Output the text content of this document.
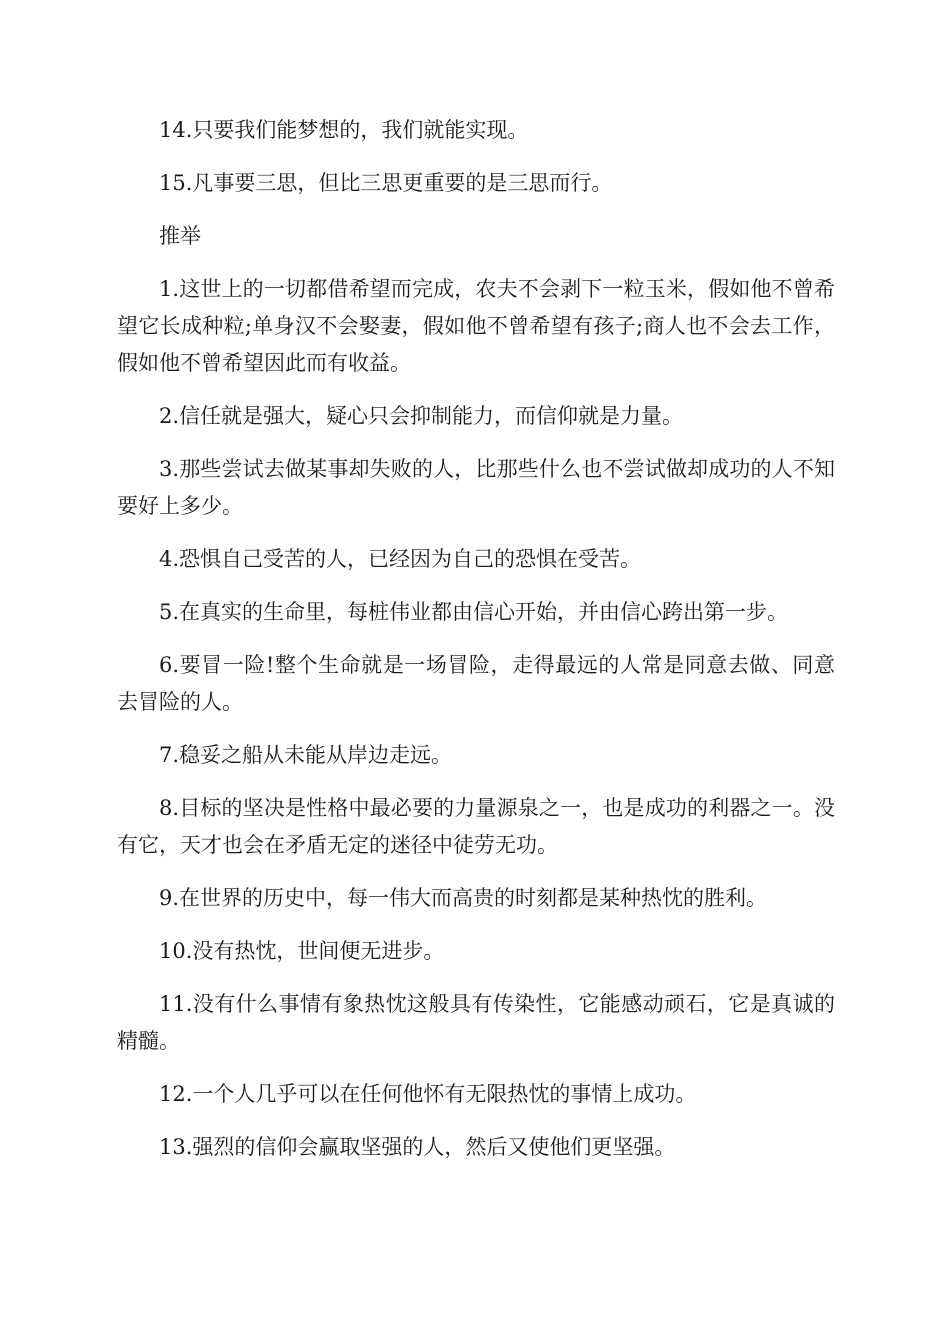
14.只要我们能梦想的，我们就能实现。

15.凡事要三思，但比三思更重要的是三思而行。

推举

1.这世上的一切都借希望而完成，农夫不会剥下一粒玉米，假如他不曾希望它长成种粒;单身汉不会娶妻，假如他不曾希望有孩子;商人也不会去工作，假如他不曾希望因此而有收益。

2.信任就是强大，疑心只会抑制能力，而信仰就是力量。

3.那些尝试去做某事却失败的人，比那些什么也不尝试做却成功的人不知要好上多少。

4.恐惧自己受苦的人，已经因为自己的恐惧在受苦。

5.在真实的生命里，每桩伟业都由信心开始，并由信心跨出第一步。

6.要冒一险!整个生命就是一场冒险，走得最远的人常是同意去做、同意去冒险的人。

7.稳妥之船从未能从岸边走远。

8.目标的坚决是性格中最必要的力量源泉之一，也是成功的利器之一。没有它，天才也会在矛盾无定的迷径中徒劳无功。

9.在世界的历史中，每一伟大而高贵的时刻都是某种热忱的胜利。

10.没有热忱，世间便无进步。

11.没有什么事情有象热忱这般具有传染性，它能感动顽石，它是真诚的精髓。

12.一个人几乎可以在任何他怀有无限热忱的事情上成功。

13.强烈的信仰会赢取坚强的人，然后又使他们更坚强。
